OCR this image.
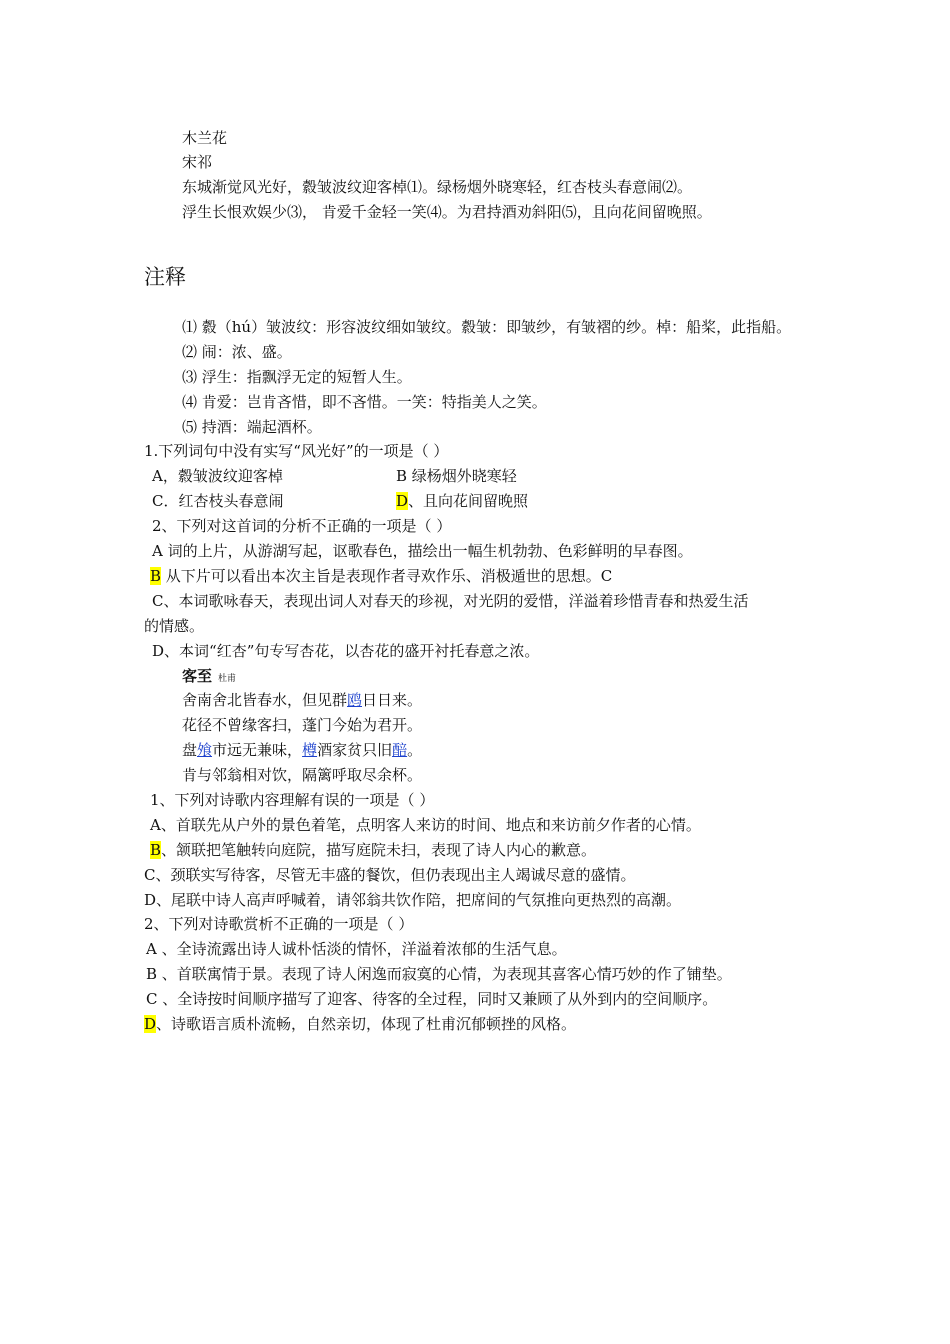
木兰花
宋祁
东城渐觉风光好，縠皱波纹迎客棹⑴。绿杨烟外晓寒轻，红杏枝头春意闹⑵。
浮生长恨欢娱少⑶， 肯爱千金轻一笑⑷。为君持酒劝斜阳⑸，且向花间留晚照。
注释
⑴ 縠（hú）皱波纹：形容波纹细如皱纹。縠皱：即皱纱，有皱褶的纱。棹：船桨，此指船。
⑵ 闹：浓、盛。
⑶ 浮生：指飘浮无定的短暂人生。
⑷ 肯爱：岂肯吝惜，即不吝惜。一笑：特指美人之笑。
⑸ 持酒：端起酒杯。
1.下列词句中没有实写“风光好”的一项是（ ）
A，縠皱波纹迎客棹	B 绿杨烟外晓寒轻
C．红杏枝头春意闹	D、且向花间留晚照
2、下列对这首词的分析不正确的一项是（ ）
A 词的上片，从游湖写起，讴歌春色，描绘出一幅生机勃勃、色彩鲜明的早春图。
B 从下片可以看出本次主旨是表现作者寻欢作乐、消极遁世的思想。C
C、本词歌咏春天，表现出词人对春天的珍视，对光阴的爱惜，洋溢着珍惜青春和热爱生活
的情感。
D、本词“红杏”句专写杏花，以杏花的盛开衬托春意之浓。
客至 杜甫
舍南舍北皆春水，但见群鸥日日来。
花径不曾缘客扫，蓬门今始为君开。
盘飧市远无兼味，樽酒家贫只旧醅。
肯与邻翁相对饮，隔篱呼取尽余杯。
1、下列对诗歌内容理解有误的一项是（ ）
A、首联先从户外的景色着笔，点明客人来访的时间、地点和来访前夕作者的心情。
B、颔联把笔触转向庭院，描写庭院未扫，表现了诗人内心的歉意。
C、颈联实写待客，尽管无丰盛的餐饮，但仍表现出主人竭诚尽意的盛情。
D、尾联中诗人高声呼喊着，请邻翁共饮作陪，把席间的气氛推向更热烈的高潮。
2、下列对诗歌赏析不正确的一项是（ ）
A 、全诗流露出诗人诚朴恬淡的情怀，洋溢着浓郁的生活气息。
B 、首联寓情于景。表现了诗人闲逸而寂寞的心情，为表现其喜客心情巧妙的作了铺垫。
C 、全诗按时间顺序描写了迎客、待客的全过程，同时又兼顾了从外到内的空间顺序。
D、诗歌语言质朴流畅，自然亲切，体现了杜甫沉郁顿挫的风格。
